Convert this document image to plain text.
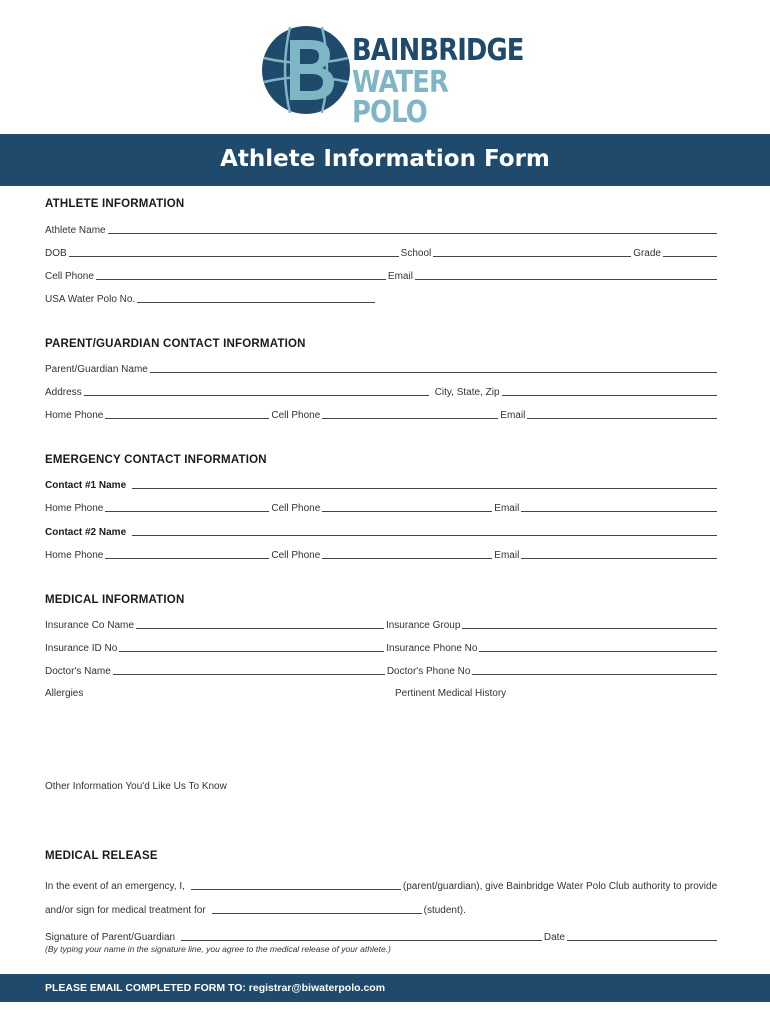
BAINBRIDGE
WATER POLO
Athlete Information Form
ATHLETE INFORMATION
Athlete Name
DOB	School	Grade
Cell Phone	Email
USA Water Polo No.
PARENT/GUARDIAN CONTACT INFORMATION
Parent/Guardian Name
Address	City, State, Zip
Home Phone	Cell Phone	Email
EMERGENCY CONTACT INFORMATION
Contact #1 Name
Home Phone	Cell Phone	Email
Contact #2 Name
Home Phone	Cell Phone	Email
MEDICAL INFORMATION
Insurance Co Name	Insurance Group
Insurance ID No	Insurance Phone No
Doctor's Name	Doctor's Phone No
Allergies	Pertinent Medical History
Other Information You'd Like Us To Know
MEDICAL RELEASE
In the event of an emergency, I,	(parent/guardian), give Bainbridge Water Polo Club authority to provide
and/or sign for medical treatment for	(student).
Signature of Parent/Guardian	Date
(By typing your name in the signature line, you agree to the medical release of your athlete.)
PLEASE EMAIL COMPLETED FORM TO: registrar@biwaterpolo.com
